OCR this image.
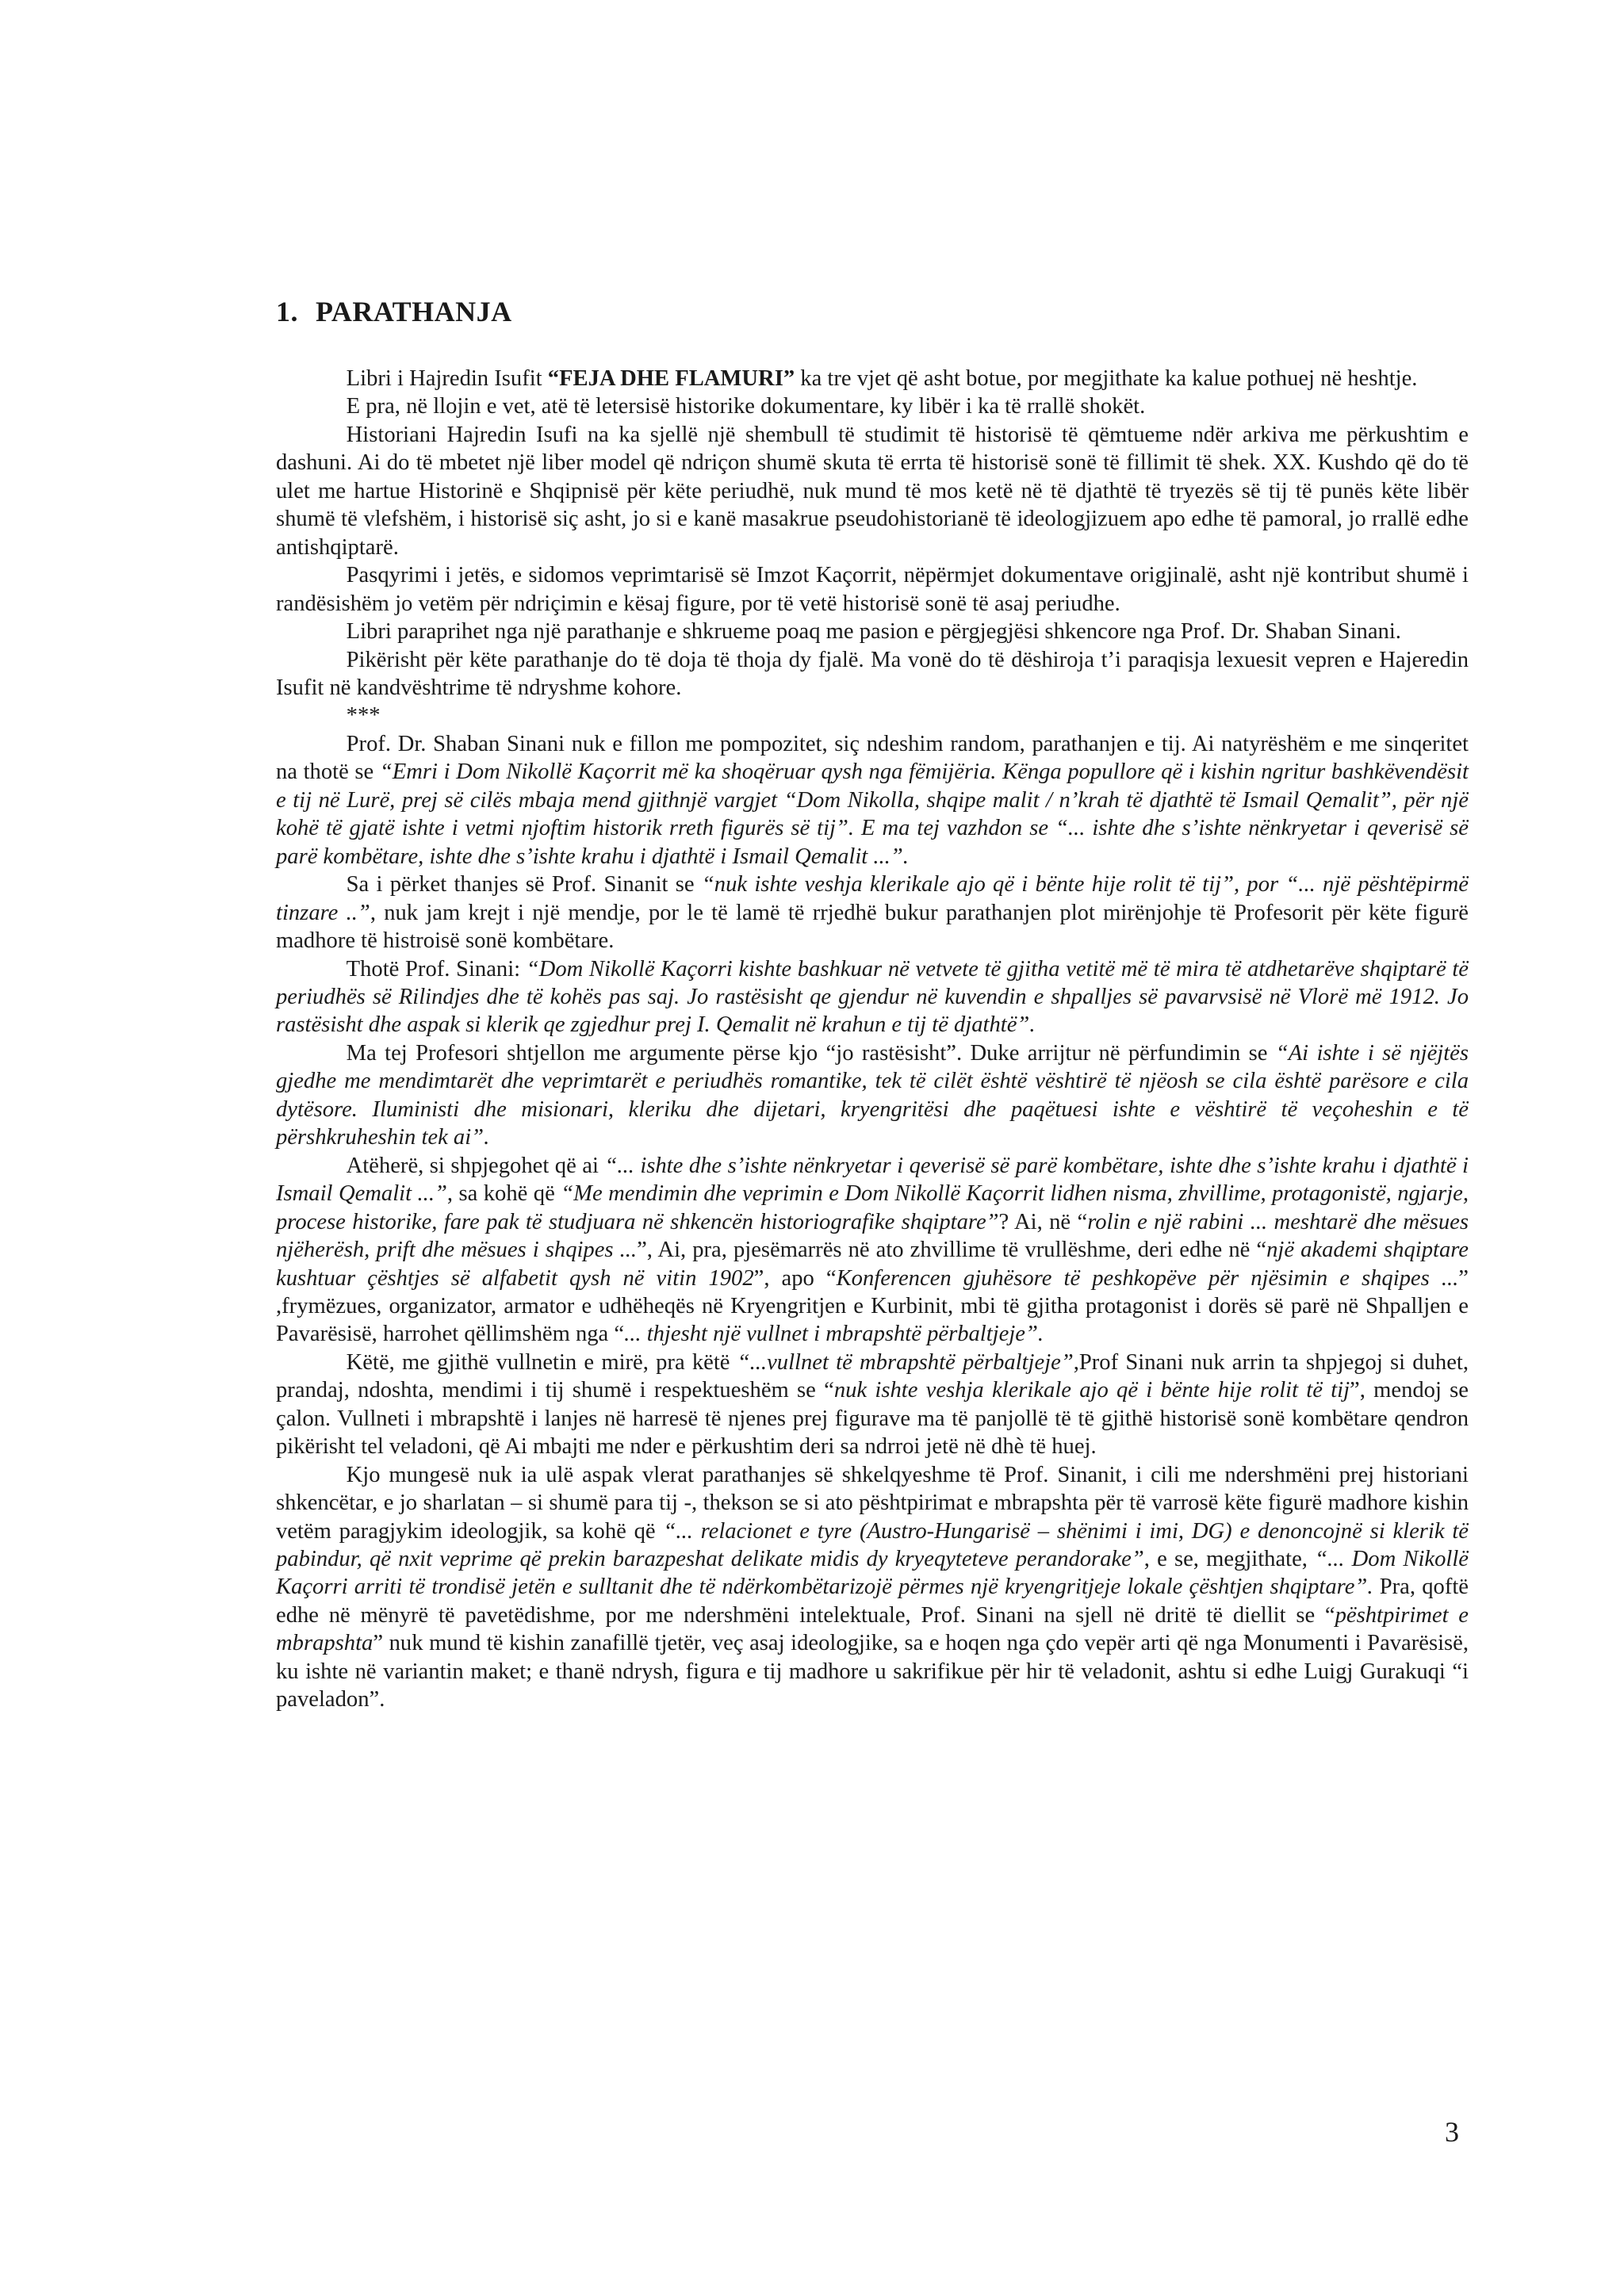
1. PARATHANJA

Libri i Hajredin Isufit “FEJA DHE FLAMURI” ka tre vjet që asht botue, por megjithate ka kalue pothuej në heshtje.

E pra, në llojin e vet, atë të letersisë historike dokumentare, ky libër i ka të rrallë shokët.

Historiani Hajredin Isufi na ka sjellë një shembull të studimit të historisë të qëmtueme ndër arkiva me përkushtim e dashuni. Ai do të mbetet një liber model që ndriçon shumë skuta të errta të historisë sonë të fillimit të shek. XX. Kushdo që do të ulet me hartue Historinë e Shqipnisë për këte periudhë, nuk mund të mos ketë në të djathtë të tryezës së tij të punës këte libër shumë të vlefshëm, i historisë siç asht, jo si e kanë masakrue pseudohistorianë të ideologjizuem apo edhe të pamoral, jo rrallë edhe antishqiptarë.

Pasqyrimi i jetës, e sidomos veprimtarisë së Imzot Kaçorrit, nëpërmjet dokumentave origjinalë, asht një kontribut shumë i randësishëm jo vetëm për ndriçimin e kësaj figure, por të vetë historisë sonë të asaj periudhe.

Libri paraprihet nga një parathanje e shkrueme poaq me pasion e përgjegjësi shkencore nga Prof. Dr. Shaban Sinani.

Pikërisht për këte parathanje do të doja të thoja dy fjalë. Ma vonë do të dëshiroja t’i paraqisja lexuesit vepren e Hajeredin Isufit në kandvështrime të ndryshme kohore.

***

Prof. Dr. Shaban Sinani nuk e fillon me pompozitet, siç ndeshim random, parathanjen e tij. Ai natyrëshëm e me sinqeritet na thotë se “Emri i Dom Nikollë Kaçorrit më ka shoqëruar qysh nga fëmijëria. Kënga popullore që i kishin ngritur bashkëvendësit e tij në Lurë, prej së cilës mbaja mend gjithnjë vargjet “Dom Nikolla, shqipe malit / n’krah të djathtë të Ismail Qemalit”, për një kohë të gjatë ishte i vetmi njoftim historik rreth figurës së tij”. E ma tej vazhdon se “... ishte dhe s’ishte nënkryetar i qeverisë së parë kombëtare, ishte dhe s’ishte krahu i djathtë i Ismail Qemalit ...”.

Sa i përket thanjes së Prof. Sinanit se “nuk ishte veshja klerikale ajo që i bënte hije rolit të tij”, por “... një pështëpirmë tinzare ..”, nuk jam krejt i një mendje, por le të lamë të rrjedhë bukur parathanjen plot mirënjohje të Profesorit për këte figurë madhore të histroisë sonë kombëtare.

Thotë Prof. Sinani: “Dom Nikollë Kaçorri kishte bashkuar në vetvete të gjitha vetitë më të mira të atdhetarëve shqiptarë të periudhës së Rilindjes dhe të kohës pas saj. Jo rastësisht qe gjendur në kuvendin e shpalljes së pavarvsisë në Vlorë më 1912. Jo rastësisht dhe aspak si klerik qe zgjedhur prej I. Qemalit në krahun e tij të djathtë”.

Ma tej Profesori shtjellon me argumente përse kjo “jo rastësisht”. Duke arrijtur në përfundimin se “Ai ishte i së njëjtës gjedhe me mendimtarët dhe veprimtarët e periudhës romantike, tek të cilët është vështirë të njëosh se cila është parësore e cila dytësore. Iluministi dhe misionari, kleriku dhe dijetari, kryengritësi dhe paqëtuesi ishte e vështirë të veçoheshin e të përshkruheshin tek ai”.

Atëherë, si shpjegohet që ai “... ishte dhe s’ishte nënkryetar i qeverisë së parë kombëtare, ishte dhe s’ishte krahu i djathtë i Ismail Qemalit ...”, sa kohë që “Me mendimin dhe veprimin e Dom Nikollë Kaçorrit lidhen nisma, zhvillime, protagonistë, ngjarje, procese historike, fare pak të studjuara në shkencën historiografike shqiptare”? Ai, në “rolin e një rabini ... meshtarë dhe mësues njëherësh, prift dhe mësues i shqipes ...”, Ai, pra, pjesëmarrës në ato zhvillime të vrullëshme, deri edhe në “një akademi shqiptare kushtuar çështjes së alfabetit qysh në vitin 1902”, apo “Konferencen gjuhësore të peshkopëve për njësimin e shqipes ...” ,frymëzues, organizator, armator e udhëheqës në Kryengritjen e Kurbinit, mbi të gjitha protagonist i dorës së parë në Shpalljen e Pavarësisë, harrohet qëllimshëm nga “... thjesht një vullnet i mbrapshtë përbaltjeje”.

Këtë, me gjithë vullnetin e mirë, pra këtë “...vullnet të mbrapshtë përbaltjeje”,Prof Sinani nuk arrin ta shpjegoj si duhet, prandaj, ndoshta, mendimi i tij shumë i respektueshëm se “nuk ishte veshja klerikale ajo që i bënte hije rolit të tij”, mendoj se çalon. Vullneti i mbrapshtë i lanjes në harresë të njenes prej figurave ma të panjollë të të gjithë historisë sonë kombëtare qendron pikërisht tel veladoni, që Ai mbajti me nder e përkushtim deri sa ndrroi jetë në dhè të huej.

Kjo mungesë nuk ia ulë aspak vlerat parathanjes së shkelqyeshme të Prof. Sinanit, i cili me ndershmëni prej historiani shkencëtar, e jo sharlatan – si shumë para tij -, thekson se si ato pështpirimat e mbrapshta për të varrosë këte figurë madhore kishin vetëm paragjykim ideologjik, sa kohë që “... relacionet e tyre (Austro-Hungarisë – shënimi i imi, DG) e denoncojnë si klerik të pabindur, që nxit veprime që prekin barazpeshat delikate midis dy kryeqyteteve perandorake”, e se, megjithate, “... Dom Nikollë Kaçorri arriti të trondisë jetën e sulltanit dhe të ndërkombëtarizojë përmes një kryengritjeje lokale çështjen shqiptare”. Pra, qoftë edhe në mënyrë të pavetëdishme, por me ndershmëni intelektuale, Prof. Sinani na sjell në dritë të diellit se “pështpirimet e mbrapshta” nuk mund të kishin zanafillë tjetër, veç asaj ideologjike, sa e hoqen nga çdo vepër arti që nga Monumenti i Pavarësisë, ku ishte në variantin maket; e thanë ndrysh, figura e tij madhore u sakrifikue për hir të veladonit, ashtu si edhe Luigj Gurakuqi “i paveladon”.

3
